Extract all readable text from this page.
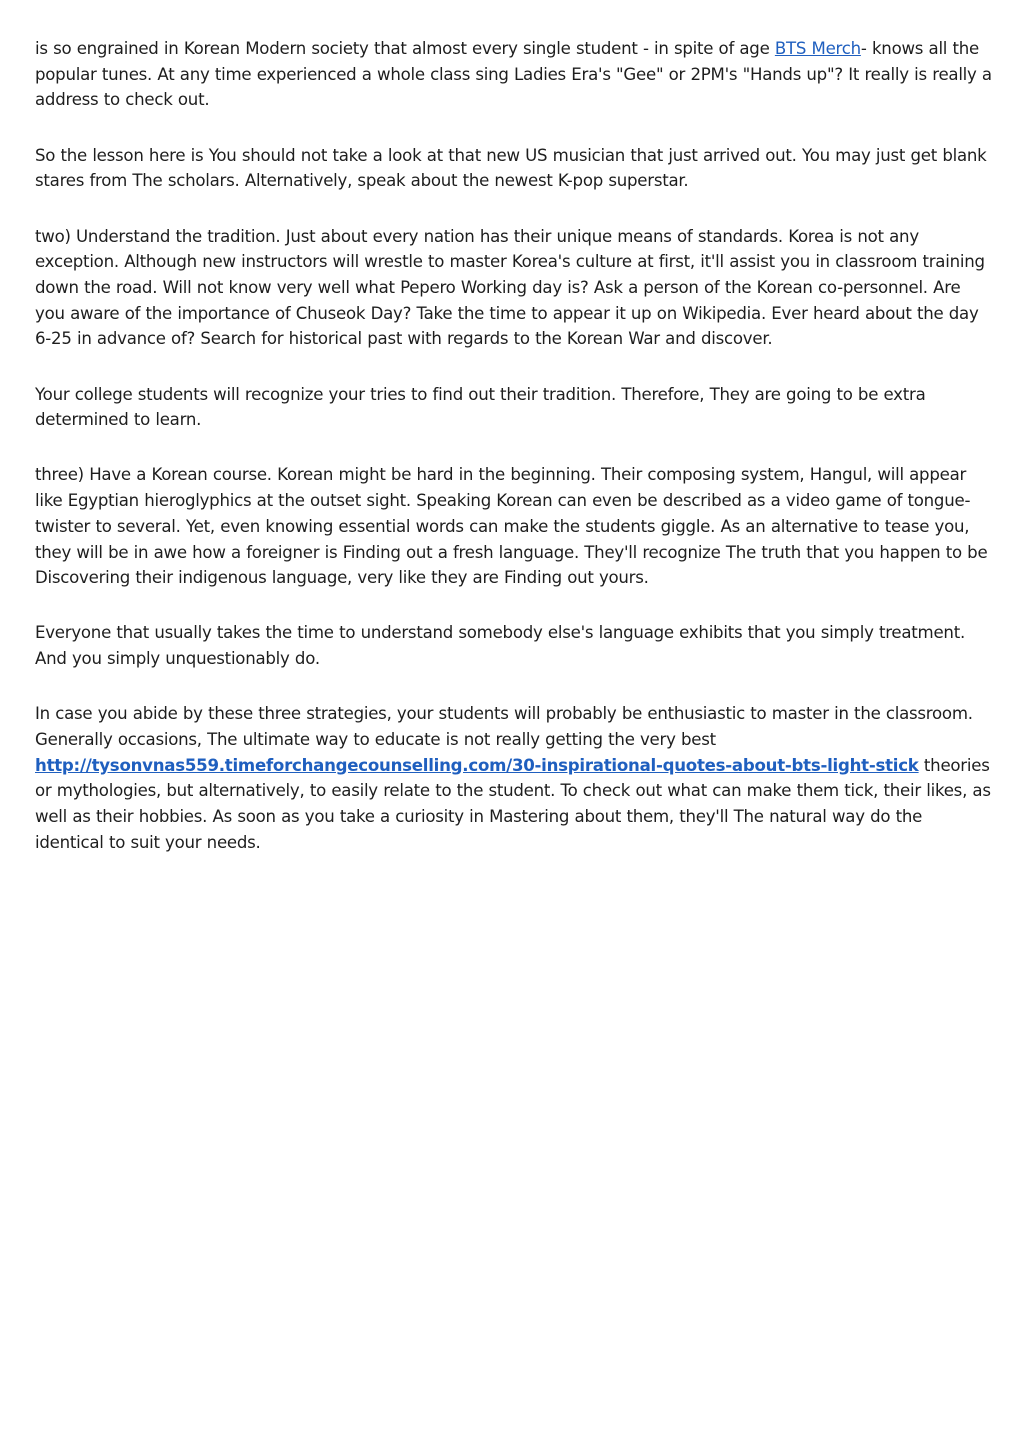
is so engrained in Korean Modern society that almost every single student - in spite of age BTS Merch- knows all the popular tunes. At any time experienced a whole class sing Ladies Era's "Gee" or 2PM's "Hands up"? It really is really a address to check out.

So the lesson here is You should not take a look at that new US musician that just arrived out. You may just get blank stares from The scholars. Alternatively, speak about the newest K-pop superstar.

two) Understand the tradition. Just about every nation has their unique means of standards. Korea is not any exception. Although new instructors will wrestle to master Korea's culture at first, it'll assist you in classroom training down the road. Will not know very well what Pepero Working day is? Ask a person of the Korean co-personnel. Are you aware of the importance of Chuseok Day? Take the time to appear it up on Wikipedia. Ever heard about the day 6-25 in advance of? Search for historical past with regards to the Korean War and discover.

Your college students will recognize your tries to find out their tradition. Therefore, They are going to be extra determined to learn.

three) Have a Korean course. Korean might be hard in the beginning. Their composing system, Hangul, will appear like Egyptian hieroglyphics at the outset sight. Speaking Korean can even be described as a video game of tongue-twister to several. Yet, even knowing essential words can make the students giggle. As an alternative to tease you, they will be in awe how a foreigner is Finding out a fresh language. They'll recognize The truth that you happen to be Discovering their indigenous language, very like they are Finding out yours.

Everyone that usually takes the time to understand somebody else's language exhibits that you simply treatment. And you simply unquestionably do.

In case you abide by these three strategies, your students will probably be enthusiastic to master in the classroom. Generally occasions, The ultimate way to educate is not really getting the very best http://tysonvnas559.timeforchangecounselling.com/30-inspirational-quotes-about-bts-light-stick theories or mythologies, but alternatively, to easily relate to the student. To check out what can make them tick, their likes, as well as their hobbies. As soon as you take a curiosity in Mastering about them, they'll The natural way do the identical to suit your needs.
